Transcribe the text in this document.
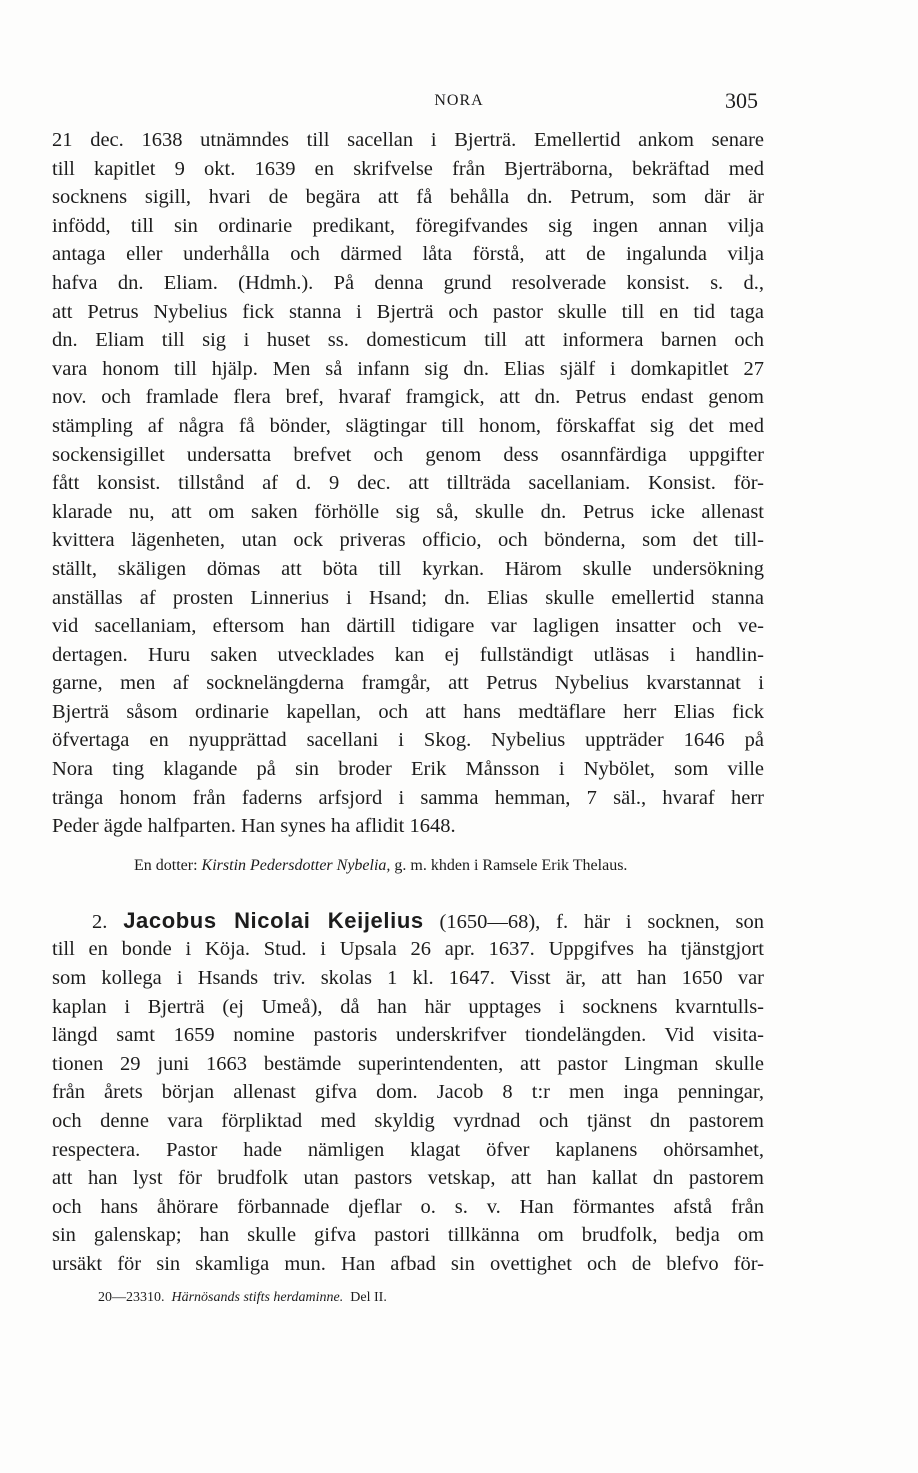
NORA	305
21 dec. 1638 utnämndes till sacellan i Bjerträ. Emellertid ankom senare
till kapitlet 9 okt. 1639 en skrifvelse från Bjerträborna, bekräftad med
socknens sigill, hvari de begära att få behålla dn. Petrum, som där är
infödd, till sin ordinarie predikant, föregifvandes sig ingen annan vilja
antaga eller underhålla och därmed låta förstå, att de ingalunda vilja
hafva dn. Eliam. (Hdmh.). På denna grund resolverade konsist. s. d.,
att Petrus Nybelius fick stanna i Bjerträ och pastor skulle till en tid taga
dn. Eliam till sig i huset ss. domesticum till att informera barnen och
vara honom till hjälp. Men så infann sig dn. Elias själf i domkapitlet 27
nov. och framlade flera bref, hvaraf framgick, att dn. Petrus endast genom
stämpling af några få bönder, slägtingar till honom, förskaffat sig det med
sockensigillet undersatta brefvet och genom dess osannfärdiga uppgifter
fått konsist. tillstånd af d. 9 dec. att tillträda sacellaniam. Konsist. för-
klarade nu, att om saken förhölle sig så, skulle dn. Petrus icke allenast
kvittera lägenheten, utan ock priveras officio, och bönderna, som det till-
ställt, skäligen dömas att böta till kyrkan. Härom skulle undersökning
anställas af prosten Linnerius i Hsand; dn. Elias skulle emellertid stanna
vid sacellaniam, eftersom han därtill tidigare var lagligen insatter och ve-
dertagen. Huru saken utvecklades kan ej fullständigt utläsas i handlin-
garne, men af socknelängderna framgår, att Petrus Nybelius kvarstannat i
Bjerträ såsom ordinarie kapellan, och att hans medtäflare herr Elias fick
öfvertaga en nyupprättad sacellani i Skog. Nybelius uppträder 1646 på
Nora ting klagande på sin broder Erik Månsson i Nybölet, som ville
tränga honom från faderns arfsjord i samma hemman, 7 säl., hvaraf herr
Peder ägde halfparten. Han synes ha aflidit 1648.
En dotter: Kirstin Pedersdotter Nybelia, g. m. khden i Ramsele Erik Thelaus.
2. Jacobus Nicolai Keijelius (1650—68), f. här i socknen, son
till en bonde i Köja. Stud. i Upsala 26 apr. 1637. Uppgifves ha tjänstgjort
som kollega i Hsands triv. skolas 1 kl. 1647. Visst är, att han 1650 var
kaplan i Bjerträ (ej Umeå), då han här upptages i socknens kvarntulls-
längd samt 1659 nomine pastoris underskrifver tiondelängden. Vid visita-
tionen 29 juni 1663 bestämde superintendenten, att pastor Lingman skulle
från årets början allenast gifva dom. Jacob 8 t:r men inga penningar,
och denne vara förpliktad med skyldig vyrdnad och tjänst dn pastorem
respectera. Pastor hade nämligen klagat öfver kaplanens ohörsamhet,
att han lyst för brudfolk utan pastors vetskap, att han kallat dn pastorem
och hans åhörare förbannade djeflar o. s. v. Han förmantes afstå från
sin galenskap; han skulle gifva pastori tillkänna om brudfolk, bedja om
ursäkt för sin skamliga mun. Han afbad sin ovettighet och de blefvo för-
20—23310. Härnösands stifts herdaminne. Del II.
